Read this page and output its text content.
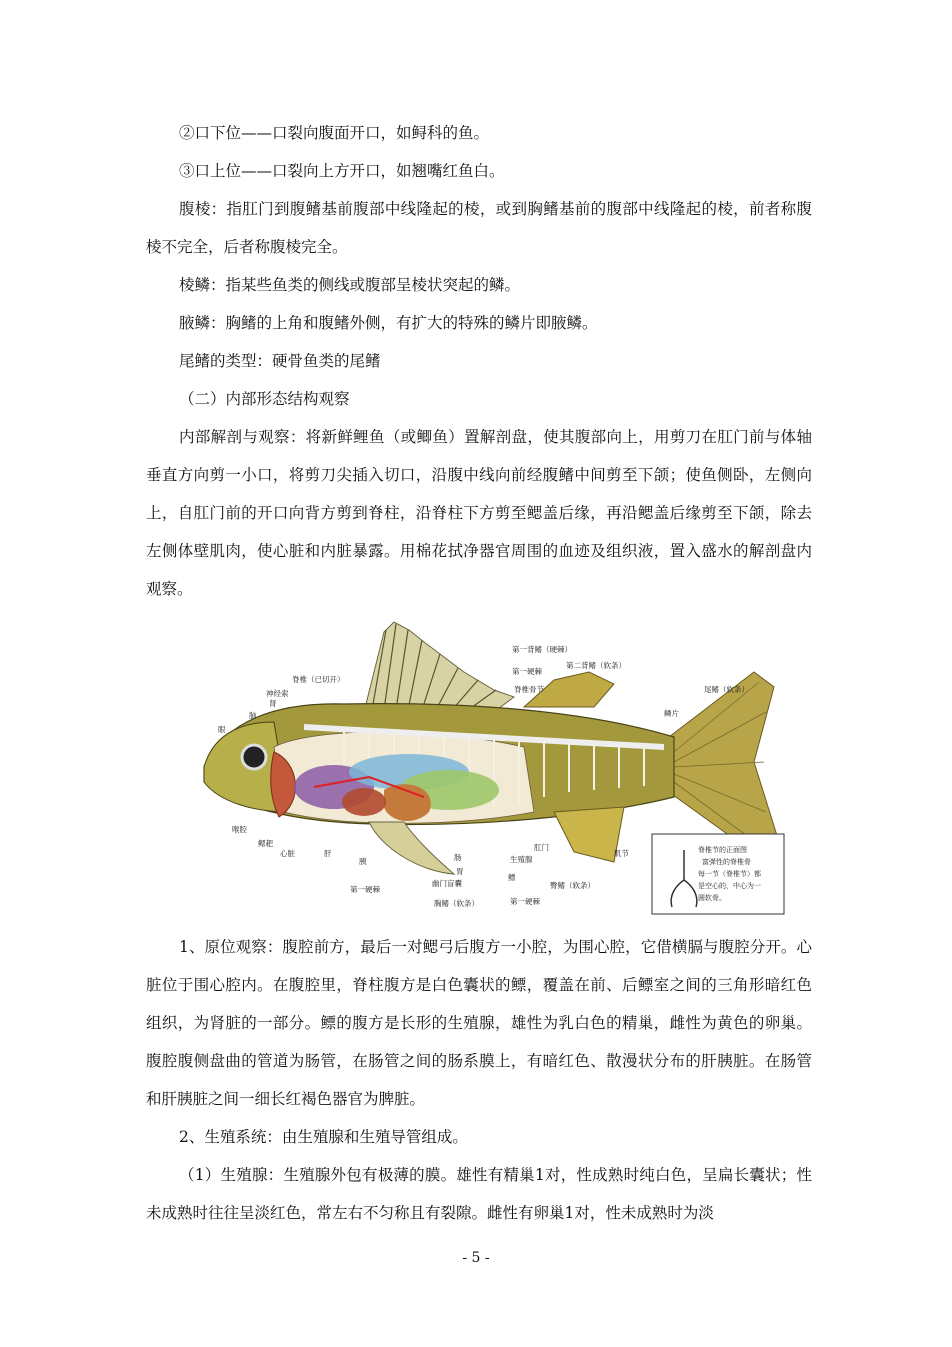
②口下位——口裂向腹面开口，如鲟科的鱼。

③口上位——口裂向上方开口，如翘嘴红鱼白。

腹棱：指肛门到腹鳍基前腹部中线隆起的棱，或到胸鳍基前的腹部中线隆起的棱，前者称腹棱不完全，后者称腹棱完全。

棱鳞：指某些鱼类的侧线或腹部呈棱状突起的鳞。

腋鳞：胸鳍的上角和腹鳍外侧，有扩大的特殊的鳞片即腋鳞。

尾鳍的类型：硬骨鱼类的尾鳍

（二）内部形态结构观察

内部解剖与观察：将新鲜鲤鱼（或鲫鱼）置解剖盘，使其腹部向上，用剪刀在肛门前与体轴垂直方向剪一小口，将剪刀尖插入切口，沿腹中线向前经腹鳍中间剪至下颌；使鱼侧卧，左侧向上，自肛门前的开口向背方剪到脊柱，沿脊柱下方剪至鳃盖后缘，再沿鳃盖后缘剪至下颌，除去左侧体壁肌肉，使心脏和内脏暴露。用棉花拭净器官周围的血迹及组织液，置入盛水的解剖盘内观察。

第一背鳍（硬棘）
第一硬棘
第二背鳍（软条）
脊椎（已切开）
脊椎骨节	尾鳍（软条）
神经索
肾
脑	鳞片
眼
喉腔
鳃耙
心脏	肝
胰	肠
胃
肛门
生殖腺
鳔
幽门盲囊	臀鳍（软条）
肌节
第一硬棘
胸鳍（软条）	第一硬棘
脊椎节的正面图
富弹性的脊椎骨
每一节（脊椎节）都
是空心的，中心为一
圆软骨。

1、原位观察：腹腔前方，最后一对鳃弓后腹方一小腔，为围心腔，它借横膈与腹腔分开。心脏位于围心腔内。在腹腔里，脊柱腹方是白色囊状的鳔，覆盖在前、后鳔室之间的三角形暗红色组织，为肾脏的一部分。鳔的腹方是长形的生殖腺，雄性为乳白色的精巢，雌性为黄色的卵巢。腹腔腹侧盘曲的管道为肠管，在肠管之间的肠系膜上，有暗红色、散漫状分布的肝胰脏。在肠管和肝胰脏之间一细长红褐色器官为脾脏。

2、生殖系统：由生殖腺和生殖导管组成。

（1）生殖腺：生殖腺外包有极薄的膜。雄性有精巢1对，性成熟时纯白色，呈扁长囊状；性未成熟时往往呈淡红色，常左右不匀称且有裂隙。雌性有卵巢1对，性未成熟时为淡

- 5 -
